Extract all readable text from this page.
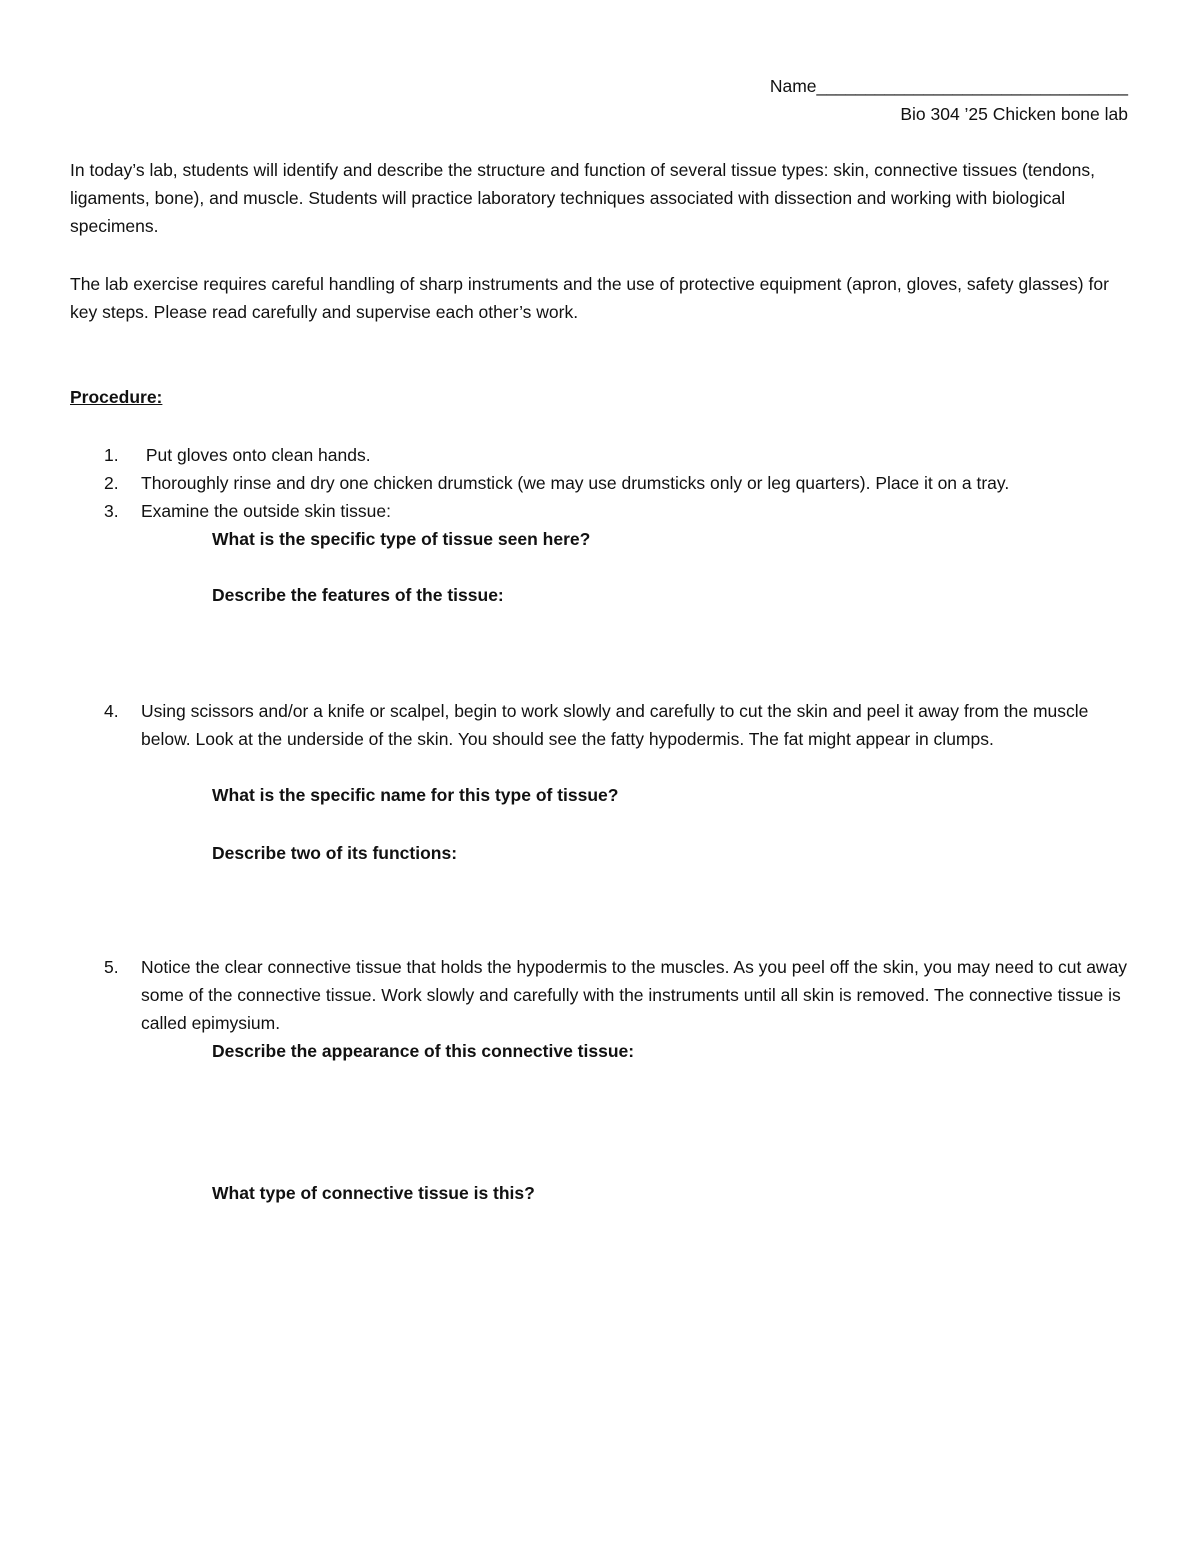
Name________________________________
Bio 304 ’25 Chicken bone lab

In today’s lab, students will identify and describe the structure and function of several tissue types: skin, connective tissues (tendons, ligaments, bone), and muscle. Students will practice laboratory techniques associated with dissection and working with biological specimens.

The lab exercise requires careful handling of sharp instruments and the use of protective equipment (apron, gloves, safety glasses) for key steps. Please read carefully and supervise each other’s work.

Procedure:

1.	Put gloves onto clean hands.
2.	Thoroughly rinse and dry one chicken drumstick (we may use drumsticks only or leg quarters). Place it on a tray.
3.	Examine the outside skin tissue:

What is the specific type of tissue seen here?

Describe the features of the tissue:

4.	Using scissors and/or a knife or scalpel, begin to work slowly and carefully to cut the skin and peel it away from the muscle below. Look at the underside of the skin. You should see the fatty hypodermis. The fat might appear in clumps.

What is the specific name for this type of tissue?

Describe two of its functions:

5.	Notice the clear connective tissue that holds the hypodermis to the muscles. As you peel off the skin, you may need to cut away some of the connective tissue. Work slowly and carefully with the instruments until all skin is removed. The connective tissue is called epimysium.

Describe the appearance of this connective tissue:

What type of connective tissue is this?
